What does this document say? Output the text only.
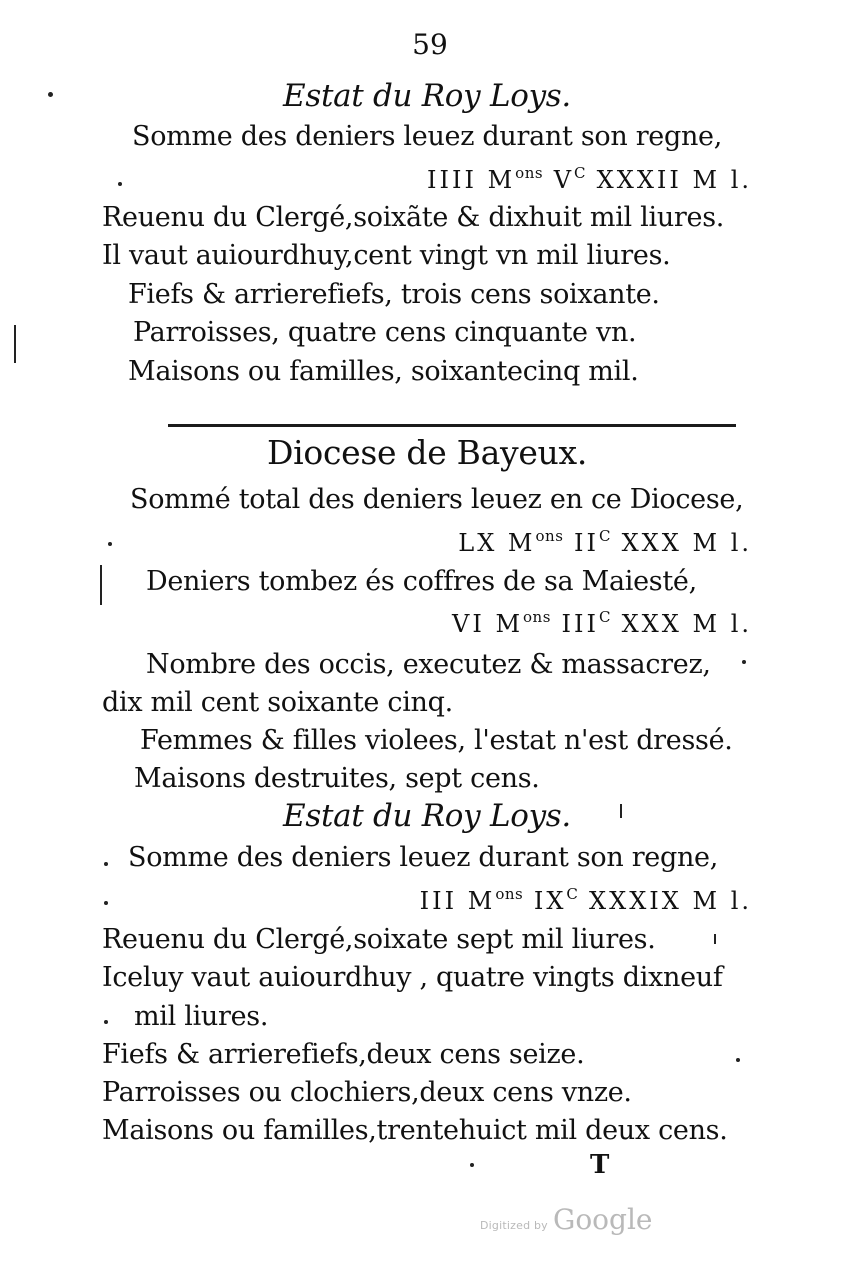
59
Estat du Roy Loys.
Somme des deniers leuez durant son regne,
IIII $M^{ons}$ $V^C$ XXXII M l.
Reuenu du Clergé,soixãte & dixhuit mil liures.
Il vaut auiourdhuy,cent vingt vn mil liures.
Fiefs & arrierefiefs, trois cens soixante.
Parroisses, quatre cens cinquante vn.
Maisons ou familles, soixantecinq mil.
Diocese de Bayeux.
Sommé total des deniers leuez en ce Diocese,
LX $M^{ons}$ $II^C$ XXX M l.
Deniers tombez és coffres de sa Maiesté,
VI $M^{ons}$ $III^C$ XXX M l.
Nombre des occis, executez & massacrez,
dix mil cent soixante cinq.
Femmes & filles violees, l'estat n'est dressé.
Maisons destruites, sept cens.
Estat du Roy Loys.
Somme des deniers leuez durant son regne,
III $M^{ons}$ $IX^C$ XXXIX M l.
Reuenu du Clergé,soixate sept mil liures.
Iceluy vaut auiourdhuy , quatre vingts dixneuf
mil liures.
Fiefs & arrierefiefs,deux cens seize.
Parroisses ou clochiers,deux cens vnze.
Maisons ou familles,trentehuict mil deux cens.
T
Digitized by Google
